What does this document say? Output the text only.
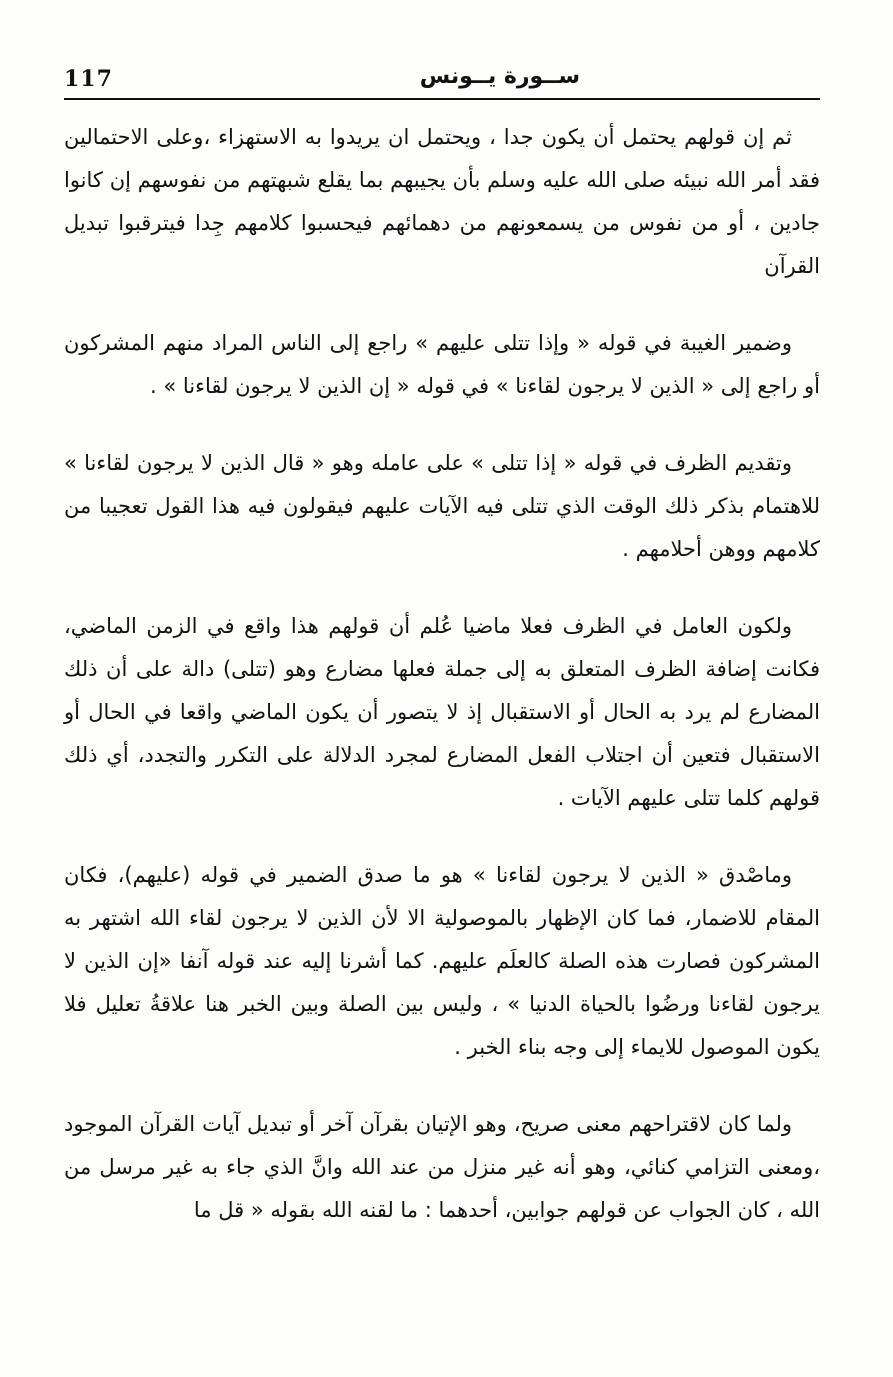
117	ســورة يــونس

ثم إن قولهم يحتمل أن يكون جدا ، ويحتمل ان يريدوا به الاستهزاء ،وعلى الاحتمالين فقد أمر الله نبيئه صلى الله عليه وسلم بأن يجيبهم بما يقلع شبهتهم من نفوسهم إن كانوا جادين ، أو من نفوس من يسمعونهم من دهمائهم فيحسبوا كلامهم جِدا فيترقبوا تبديل القرآن

وضمير الغيبة في قوله « وإذا تتلى عليهم » راجع إلى الناس المراد منهم المشركون أو راجع إلى « الذين لا يرجون لقاءنا » في قوله « إن الذين لا يرجون لقاءنا » .

وتقديم الظرف في قوله « إذا تتلى » على عامله وهو « قال الذين لا يرجون لقاءنا » للاهتمام بذكر ذلك الوقت الذي تتلى فيه الآيات عليهم فيقولون فيه هذا القول تعجيبا من كلامهم ووهن أحلامهم .

ولكون العامل في الظرف فعلا ماضيا عُلم أن قولهم هذا واقع في الزمن الماضي، فكانت إضافة الظرف المتعلق به إلى جملة فعلها مضارع وهو (تتلى) دالة على أن ذلك المضارع لم يرد به الحال أو الاستقبال إذ لا يتصور أن يكون الماضي واقعا في الحال أو الاستقبال فتعين أن اجتلاب الفعل المضارع لمجرد الدلالة على التكرر والتجدد، أي ذلك قولهم كلما تتلى عليهم الآيات .

وماصْدق « الذين لا يرجون لقاءنا » هو ما صدق الضمير في قوله (عليهم)، فكان المقام للاضمار، فما كان الإظهار بالموصولية الا لأن الذين لا يرجون لقاء الله اشتهر به المشركون فصارت هذه الصلة كالعلَم عليهم. كما أشرنا إليه عند قوله آنفا «إن الذين لا يرجون لقاءنا ورضُوا بالحياة الدنيا » ، وليس بين الصلة وبين الخبر هنا علاقةُ تعليل فلا يكون الموصول للايماء إلى وجه بناء الخبر .

ولما كان لاقتراحهم معنى صريح، وهو الإتيان بقرآن آخر أو تبديل آيات القرآن الموجود ،ومعنى التزامي كنائي، وهو أنه غير منزل من عند الله وانَّ الذي جاء به غير مرسل من الله ، كان الجواب عن قولهم جوابين، أحدهما : ما لقنه الله بقوله « قل ما
